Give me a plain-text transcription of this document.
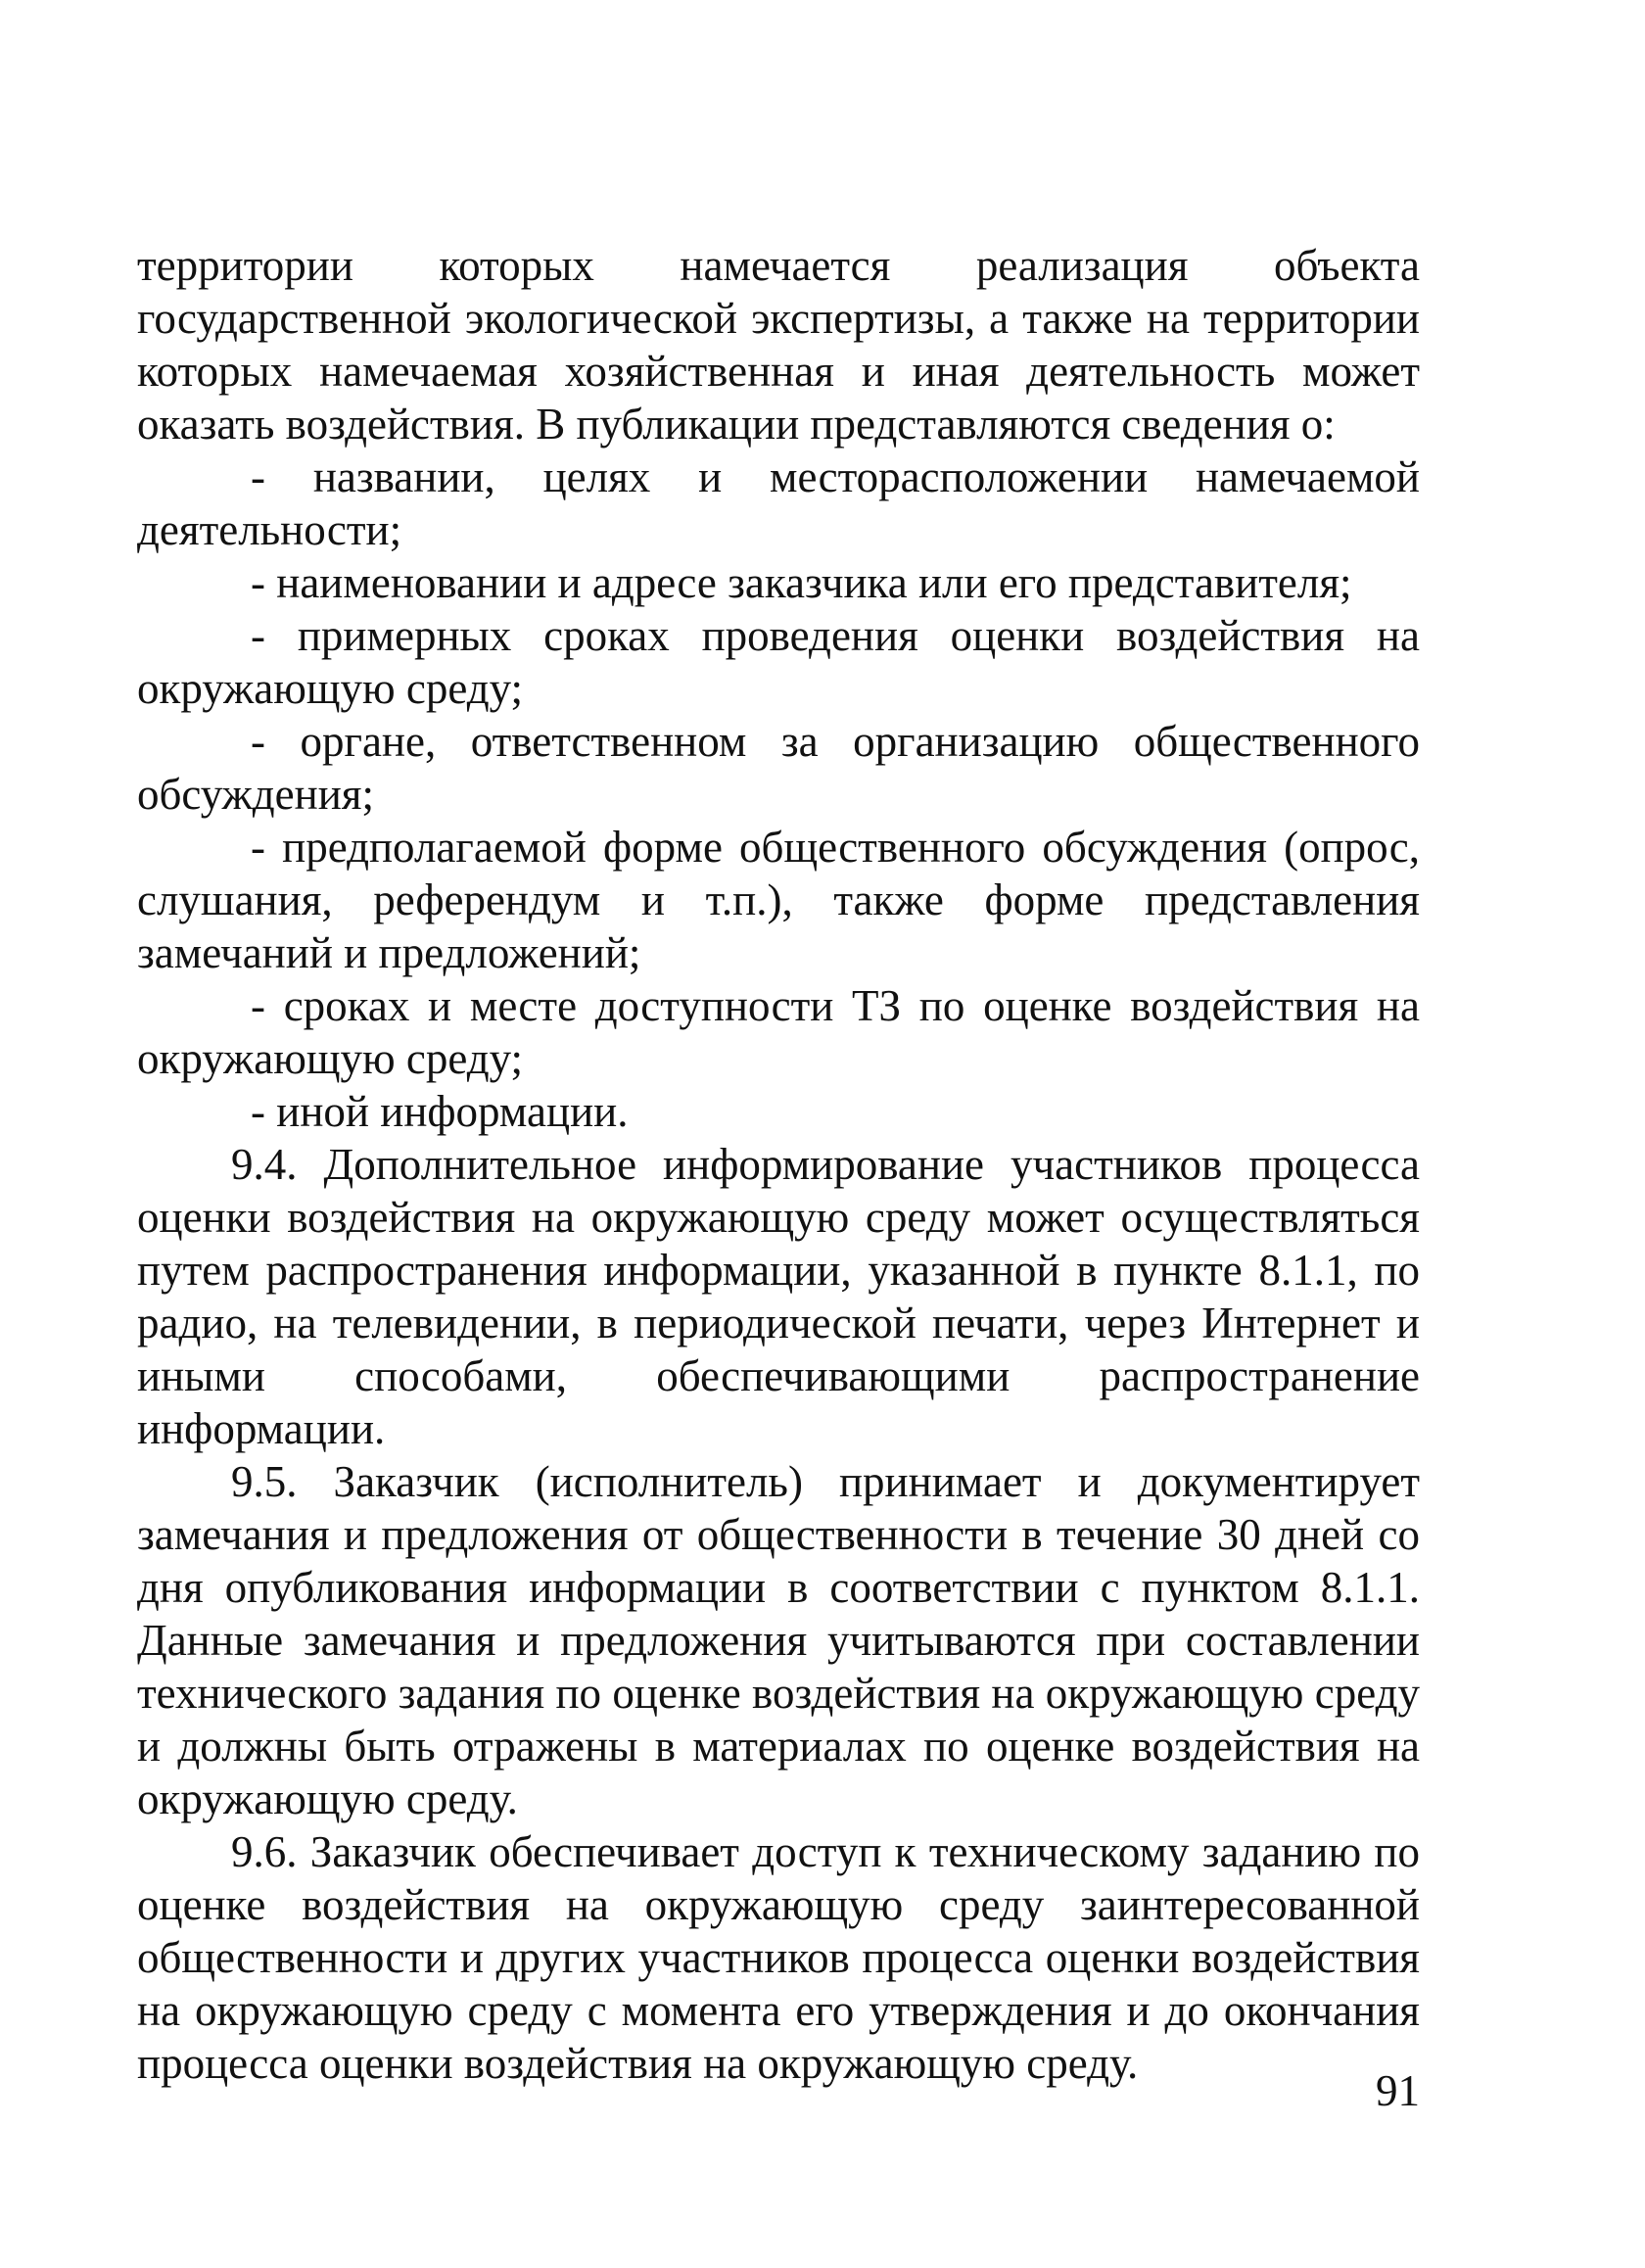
территории которых намечается реализация объекта государственной экологической экспертизы, а также на территории которых намечаемая хозяйственная и иная деятельность может оказать воздействия. В публикации представляются сведения о:

- названии, целях и месторасположении намечаемой деятельности;

- наименовании и адресе заказчика или его представителя;

- примерных сроках проведения оценки воздействия на окружающую среду;

- органе, ответственном за организацию общественного обсуждения;

- предполагаемой форме общественного обсуждения (опрос, слушания, референдум и т.п.), также форме представления замечаний и предложений;

- сроках и месте доступности ТЗ по оценке воздействия на окружающую среду;

- иной информации.

9.4. Дополнительное информирование участников процесса оценки воздействия на окружающую среду может осуществляться путем распространения информации, указанной в пункте 8.1.1, по радио, на телевидении, в периодической печати, через Интернет и иными способами, обеспечивающими распространение информации.

9.5. Заказчик (исполнитель) принимает и документирует замечания и предложения от общественности в течение 30 дней со дня опубликования информации в соответствии с пунктом 8.1.1. Данные замечания и предложения учитываются при составлении технического задания по оценке воздействия на окружающую среду и должны быть отражены в материалах по оценке воздействия на окружающую среду.

9.6. Заказчик обеспечивает доступ к техническому заданию по оценке воздействия на окружающую среду заинтересованной общественности и других участников процесса оценки воздействия на окружающую среду с момента его утверждения и до окончания процесса оценки воздействия на окружающую среду.

91
